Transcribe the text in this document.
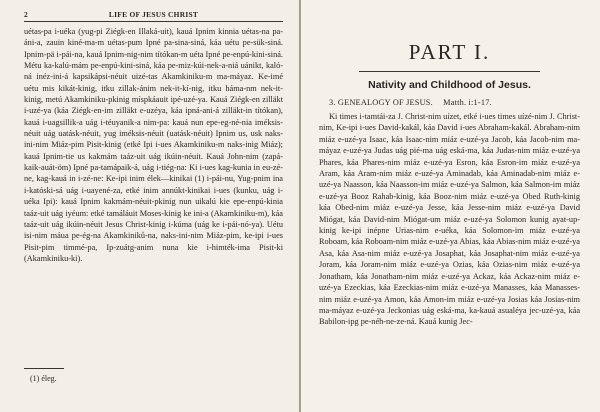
2	LIFE OF JESUS CHRIST

uétas-pa i-uéka (yug-pi Ziégk-en Illaká-uit), kauá Ipnim kinnia uétas-na pa-áni-a, zauin kiné-ma-m uétas-pum Ipné pa-sina-siná, káa uétu pe-sük-siná. Ipnim-pä i-pái-na, kauá Ipnim-nig-nim títókan-m uéta Ipné pe-enpú-kini-siná. Métu ka-kalú-mám pe-enpú-kini-siná, káa pe-miz-kúi-nek-a-niá uánikt, kaló-ná inéz-ini-á kapsikápsi-néuit uizé-tas Akamkiniku-m ma-máyaz. Ke-imé uétu mis kikát-kinig, itku zillak-ánim nek-it-kí-nig, itku háma-nm nek-it-kinig, metú Akamkiniku-pkinig míspkáauit ipé-uzé-ya. Kauá Ziégk-en zilläkt i-uzé-ya (káa Ziégk-en-im zilläkt e-uzéya, káa ipná-ani-á zilläkt-in títókan), kauá i-uagsillik-a uág i-téuyanik-a nim-pa: kauá nun epe-eg-né-nia iméksis-néuit uág uatásk-néuit, yug iméksis-néuit (uatásk-néuit) Ipnim us, usk naks-ini-nim Miáz-pim Pisit-kinig (etké Ipi i-ues Akamkiniku-m naks-inig Miáz); kauá Ipnim-tie us kakmám taáz-uit uág ikúin-néuit. Kauá John-nim (zapá-kaik-auát-öm) Ipné pa-tamápaik-á, uág i-tiég-na: Ki i-ues kag-kunia in eu-zé-ne, kag-kauá in i-zé-ne: Ke-ipi inim élek—kinikai (1) i-pái-nu, Yug-pnim ina i-katóski-sá uág i-uayené-za, etké inim annúkt-kinikai i-ues (kunku, uág i-uéka Ipi): kauá Ipnim kakmám-néuit-pkinig nun uikalú kie epe-enpú-kinia taáz-uit uág iyéum: etké tamáláuit Moses-kinig ke ini-a (Akamkiniku-m), káa taáz-uit uág ikúin-néuit Jesus Christ-kinig i-kúma (uág ke i-pái-nó-ya). Uétu isi-nim máua pe-ég-na Akamkiniků-na, naks-ini-nim Miáz-pim, ke-ipi i-ues Pisit-pim timmé-pa, Ip-zuátg-anim nuna kie i-himték-ima Pisit-ki (Akamkiniku-ki).

PART I.
Nativity and Childhood of Jesus.
3. GENEALOGY OF JESUS. Matth. i:1-17.

Ki times i-tamtái-za J. Christ-nim uízet, etké i-ues times uízé-nim J. Christ-nim, Ke-ipi i-ues David-kakál, káa David i-ues Abraham-kakál. Abraham-nim miáz e-uzé-ya Isaac, káa Isaac-nim miáz e-uzé-ya Jacob, káa Jacob-nim ma-máyaz e-uzé-ya Judas uág pié-ma uág eská-ma, káa Judas-nim miáz e-uzé-ya Phares, káa Phares-nim miáz e-uzé-ya Esron, káa Esron-im miáz e-uzé-ya Aram, káa Aram-nim miáz e-uzé-ya Aminadab, káa Aminadab-nim miáz e-uzé-ya Naasson, káa Naasson-im miáz e-uzé-ya Salmon, káa Salmon-im miáz e-uzé-ya Booz Rahab-kinig, káa Booz-nim miáz e-uzé-ya Obed Ruth-kinig káa Obed-nim miáz e-uzé-ya Jesse, káa Jesse-nim miáz e-uzé-ya David Miógat, káa David-nim Miógat-um miáz e-uzé-ya Solomon kunig ayat-up-kinig ke-ipi inépne Urias-nim e-uéka, káa Solomon-im miáz e-uzé-ya Roboam, káa Roboam-nim miáz e-uzé-ya Abias, káa Abias-nim miáz e-uzé-ya Asa, káa Asa-nim miáz e-uzé-ya Josaphat, káa Josaphat-nim miáz e-uzé-ya Joram, káa Joram-nim miáz e-uzé-ya Ozias, káa Ozias-nim miáz e-uzé-ya Jonatham, káa Jonatham-nim miáz e-uzé-ya Ackaz, káa Ackaz-nim miáz e-uzé-ya Ezeckias, káa Ezeckias-nim miáz e-uzé-ya Manasses, káa Manasses-nim miáz e-uzé-ya Amon, káa Amon-im miáz e-uzé-ya Josias káa Josias-nim ma-máyaz e-uzé-ya Jeckonias uág eská-ma, ka-kauá asualéya jec-uzé-ya, káa Babilon-ipg pe-néh-ne-ze-ná. Kauá kunig Jec-

(1) éleg.
